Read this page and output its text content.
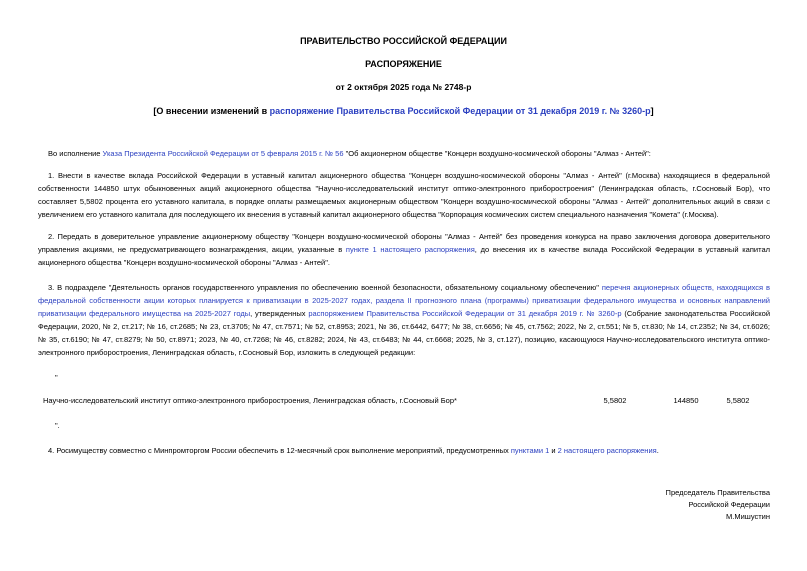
ПРАВИТЕЛЬСТВО РОССИЙСКОЙ ФЕДЕРАЦИИ
РАСПОРЯЖЕНИЕ
от 2 октября 2025 года № 2748-р
[О внесении изменений в распоряжение Правительства Российской Федерации от 31 декабря 2019 г. № 3260-р]

Во исполнение Указа Президента Российской Федерации от 5 февраля 2015 г. № 56 "Об акционерном обществе "Концерн воздушно-космической обороны "Алмаз - Антей":

1. Внести в качестве вклада Российской Федерации в уставный капитал акционерного общества "Концерн воздушно-космической обороны "Алмаз - Антей" (г.Москва) находящиеся в федеральной собственности 144850 штук обыкновенных акций акционерного общества "Научно-исследовательский институт оптико-электронного приборостроения" (Ленинградская область, г.Сосновый Бор), что составляет 5,5802 процента его уставного капитала, в порядке оплаты размещаемых акционерным обществом "Концерн воздушно-космической обороны "Алмаз - Антей" дополнительных акций в связи с увеличением его уставного капитала для последующего их внесения в уставный капитал акционерного общества "Корпорация космических систем специального назначения "Комета" (г.Москва).

2. Передать в доверительное управление акционерному обществу "Концерн воздушно-космической обороны "Алмаз - Антей" без проведения конкурса на право заключения договора доверительного управления акциями, не предусматривающего вознаграждения, акции, указанные в пункте 1 настоящего распоряжения, до внесения их в качестве вклада Российской Федерации в уставный капитал акционерного общества "Концерн воздушно-космической обороны "Алмаз - Антей".

3. В подразделе "Деятельность органов государственного управления по обеспечению военной безопасности, обязательному социальному обеспечению" перечня акционерных обществ, находящихся в федеральной собственности акции которых планируется к приватизации в 2025-2027 годах, раздела II прогнозного плана (программы) приватизации федерального имущества и основных направлений приватизации федерального имущества на 2025-2027 годы, утвержденных распоряжением Правительства Российской Федерации от 31 декабря 2019 г. № 3260-р (Собрание законодательства Российской Федерации, 2020, № 2, ст.217; № 16, ст.2685; № 23, ст.3705; № 47, ст.7571; № 52, ст.8953; 2021, № 36, ст.6442, 6477; № 38, ст.6656; № 45, ст.7562; 2022, № 2, ст.551; № 5, ст.830; № 14, ст.2352; № 34, ст.6026; № 35, ст.6190; № 47, ст.8279; № 50, ст.8971; 2023, № 40, ст.7268; № 46, ст.8282; 2024, № 43, ст.6483; № 44, ст.6668; 2025, № 3, ст.127), позицию, касающуюся Научно-исследовательского института оптико-электронного приборостроения, Ленинградская область, г.Сосновый Бор, изложить в следующей редакции:

"
Научно-исследовательский институт оптико-электронного приборостроения, Ленинградская область, г.Сосновый Бор*	5,5802	144850	5,5802
".

4. Росимуществу совместно с Минпромторгом России обеспечить в 12-месячный срок выполнение мероприятий, предусмотренных пунктами 1 и 2 настоящего распоряжения.

Председатель Правительства
Российской Федерации
М.Мишустин
